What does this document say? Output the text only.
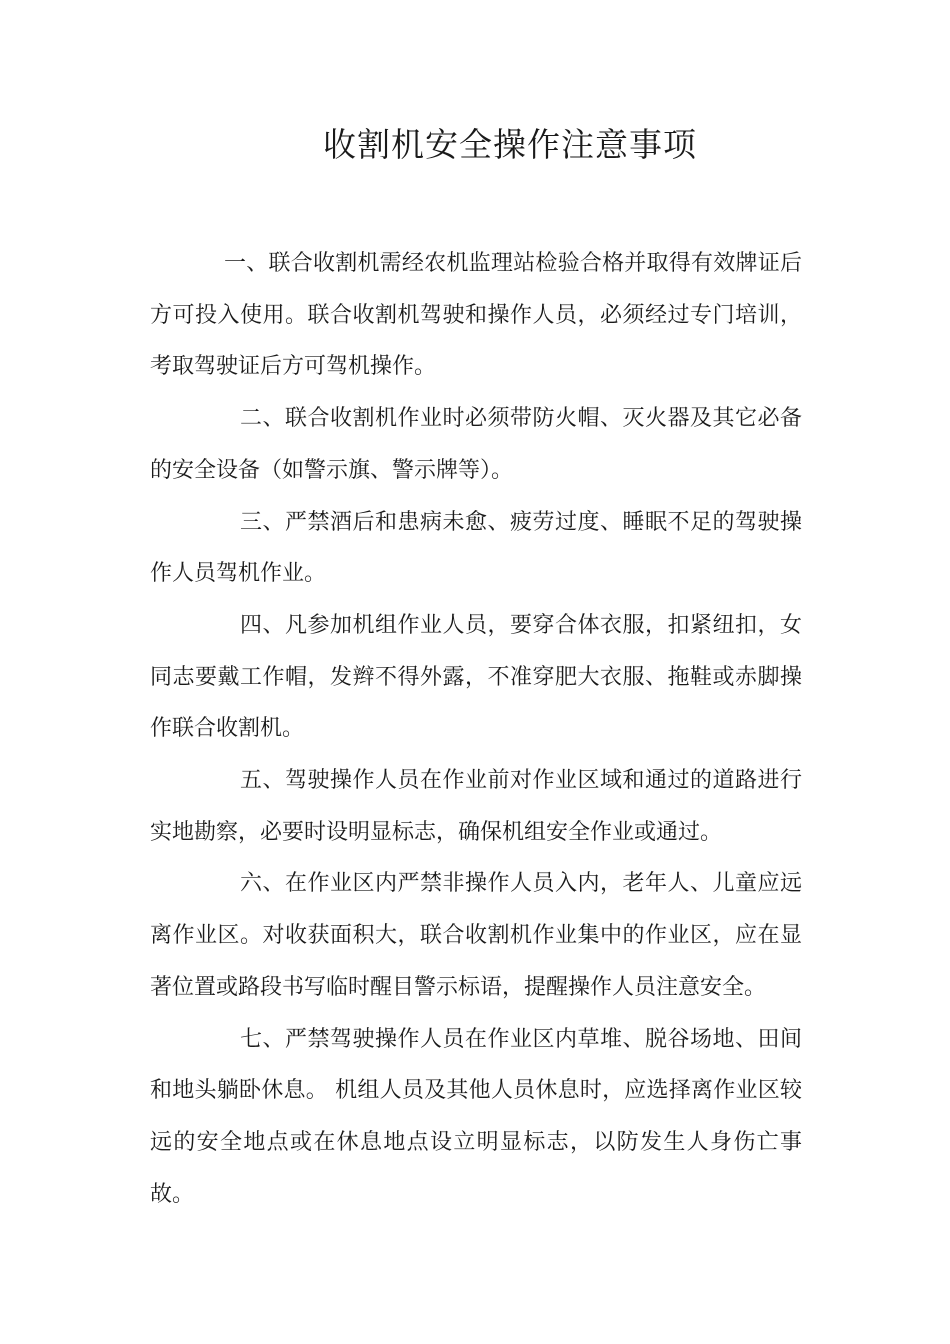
收割机安全操作注意事项

一、联合收割机需经农机监理站检验合格并取得有效牌证后方可投入使用。联合收割机驾驶和操作人员，必须经过专门培训，考取驾驶证后方可驾机操作。

二、联合收割机作业时必须带防火帽、灭火器及其它必备的安全设备（如警示旗、警示牌等）。

三、严禁酒后和患病未愈、疲劳过度、睡眠不足的驾驶操作人员驾机作业。

四、凡参加机组作业人员，要穿合体衣服，扣紧纽扣，女同志要戴工作帽，发辫不得外露，不准穿肥大衣服、拖鞋或赤脚操作联合收割机。

五、驾驶操作人员在作业前对作业区域和通过的道路进行实地勘察，必要时设明显标志，确保机组安全作业或通过。

六、在作业区内严禁非操作人员入内，老年人、儿童应远离作业区。对收获面积大，联合收割机作业集中的作业区，应在显著位置或路段书写临时醒目警示标语，提醒操作人员注意安全。

七、严禁驾驶操作人员在作业区内草堆、脱谷场地、田间和地头躺卧休息。 机组人员及其他人员休息时，应选择离作业区较远的安全地点或在休息地点设立明显标志，以防发生人身伤亡事故。
